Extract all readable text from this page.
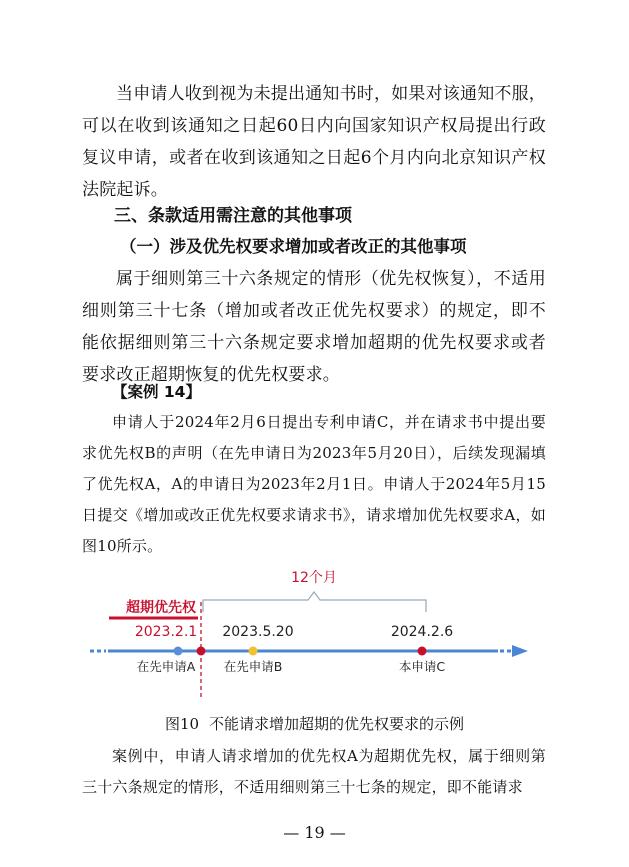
当申请人收到视为未提出通知书时，如果对该通知不服，可以在收到该通知之日起60日内向国家知识产权局提出行政复议申请，或者在收到该通知之日起6个月内向北京知识产权法院起诉。

三、条款适用需注意的其他事项

（一）涉及优先权要求增加或者改正的其他事项

属于细则第三十六条规定的情形（优先权恢复），不适用细则第三十七条（增加或者改正优先权要求）的规定，即不能依据细则第三十六条规定要求增加超期的优先权要求或者要求改正超期恢复的优先权要求。

【案例 14】

申请人于2024年2月6日提出专利申请C，并在请求书中提出要求优先权B的声明（在先申请日为2023年5月20日），后续发现漏填了优先权A，A的申请日为2023年2月1日。申请人于2024年5月15日提交《增加或改正优先权要求请求书》，请求增加优先权要求A，如图10所示。

12个月
超期优先权
2023.2.1 2023.5.20	2024.2.6
在先申请A 在先申请B	本申请C

图10 不能请求增加超期的优先权要求的示例

案例中，申请人请求增加的优先权A为超期优先权，属于细则第三十六条规定的情形，不适用细则第三十七条的规定，即不能请求

— 19 —
